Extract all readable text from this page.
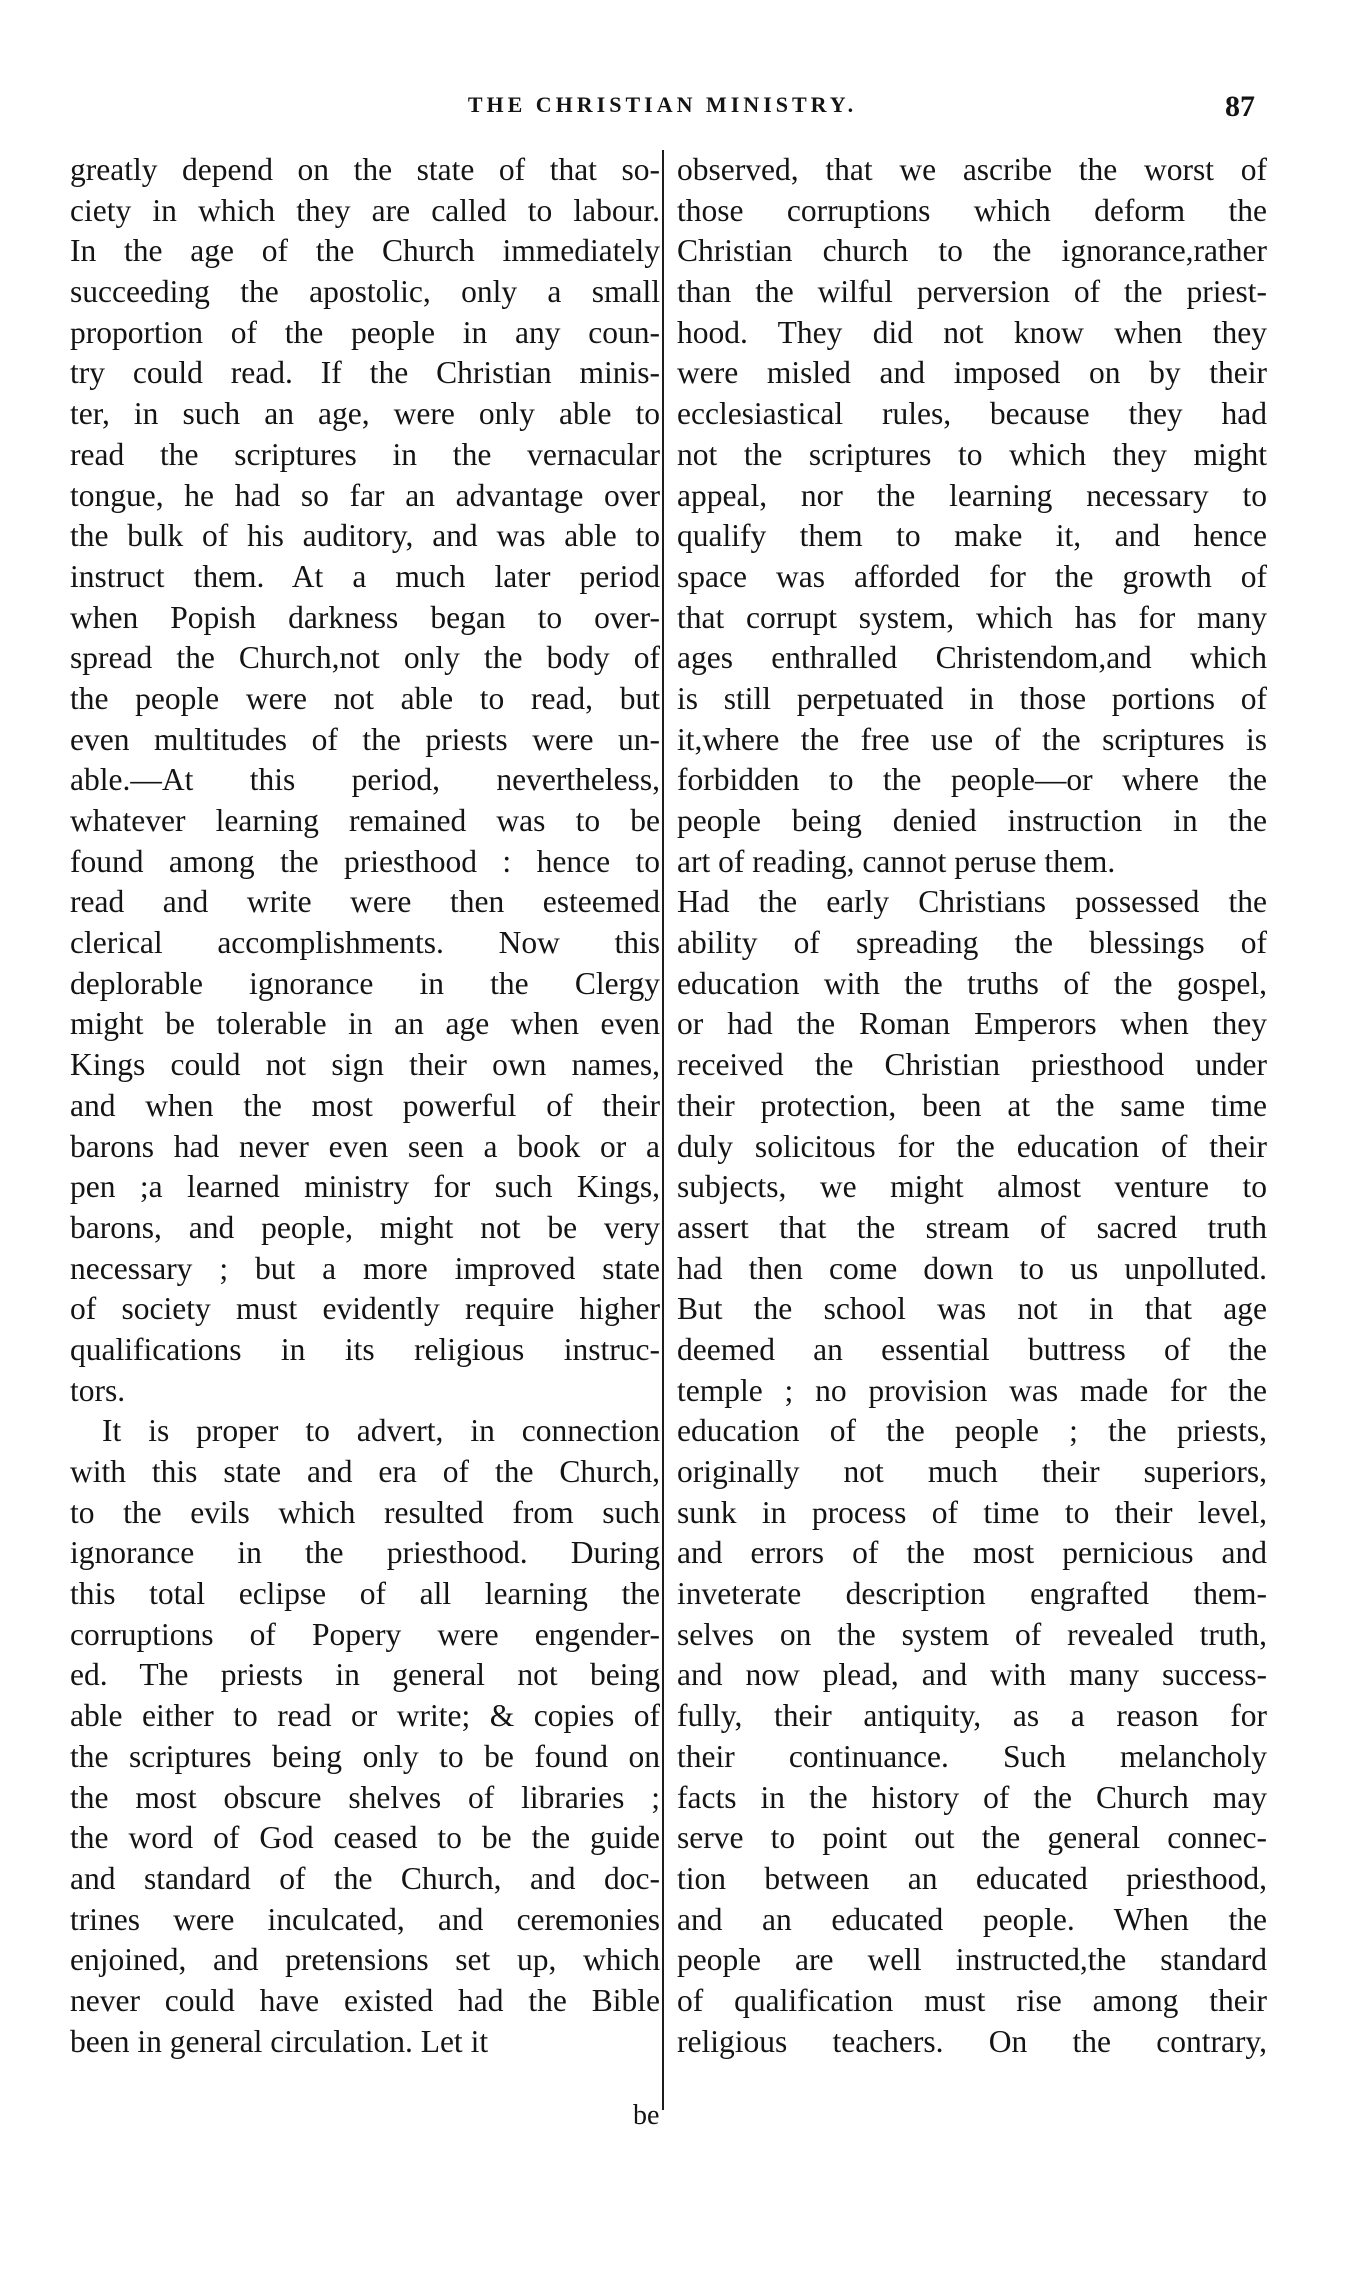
THE CHRISTIAN MINISTRY.	87
greatly depend on the state of that so-
ciety in which they are called to labour.
In the age of the Church immediately
succeeding the apostolic, only a small
proportion of the people in any coun-
try could read. If the Christian minis-
ter, in such an age, were only able to
read the scriptures in the vernacular
tongue, he had so far an advantage over
the bulk of his auditory, and was able to
instruct them. At a much later period
when Popish darkness began to over-
spread the Church,not only the body of
the people were not able to read, but
even multitudes of the priests were un-
able.—At this period, nevertheless,
whatever learning remained was to be
found among the priesthood : hence to
read and write were then esteemed
clerical accomplishments. Now this
deplorable ignorance in the Clergy
might be tolerable in an age when even
Kings could not sign their own names,
and when the most powerful of their
barons had never even seen a book or a
pen ;a learned ministry for such Kings,
barons, and people, might not be very
necessary ; but a more improved state
of society must evidently require higher
qualifications in its religious instruc-
tors.
It is proper to advert, in connection
with this state and era of the Church,
to the evils which resulted from such
ignorance in the priesthood. During
this total eclipse of all learning the
corruptions of Popery were engender-
ed. The priests in general not being
able either to read or write; & copies of
the scriptures being only to be found on
the most obscure shelves of libraries ;
the word of God ceased to be the guide
and standard of the Church, and doc-
trines were inculcated, and ceremonies
enjoined, and pretensions set up, which
never could have existed had the Bible
been in general circulation. Let it
observed, that we ascribe the worst of
those corruptions which deform the
Christian church to the ignorance,rather
than the wilful perversion of the priest-
hood. They did not know when they
were misled and imposed on by their
ecclesiastical rules, because they had
not the scriptures to which they might
appeal, nor the learning necessary to
qualify them to make it, and hence
space was afforded for the growth of
that corrupt system, which has for many
ages enthralled Christendom,and which
is still perpetuated in those portions of
it,where the free use of the scriptures is
forbidden to the people—or where the
people being denied instruction in the
art of reading, cannot peruse them.
Had the early Christians possessed the
ability of spreading the blessings of
education with the truths of the gospel,
or had the Roman Emperors when they
received the Christian priesthood under
their protection, been at the same time
duly solicitous for the education of their
subjects, we might almost venture to
assert that the stream of sacred truth
had then come down to us unpolluted.
But the school was not in that age
deemed an essential buttress of the
temple ; no provision was made for the
education of the people ; the priests,
originally not much their superiors,
sunk in process of time to their level,
and errors of the most pernicious and
inveterate description engrafted them-
selves on the system of revealed truth,
and now plead, and with many success-
fully, their antiquity, as a reason for
their continuance. Such melancholy
facts in the history of the Church may
serve to point out the general connec-
tion between an educated priesthood,
and an educated people. When the
people are well instructed,the standard
of qualification must rise among their
religious teachers. On the contrary,
be
